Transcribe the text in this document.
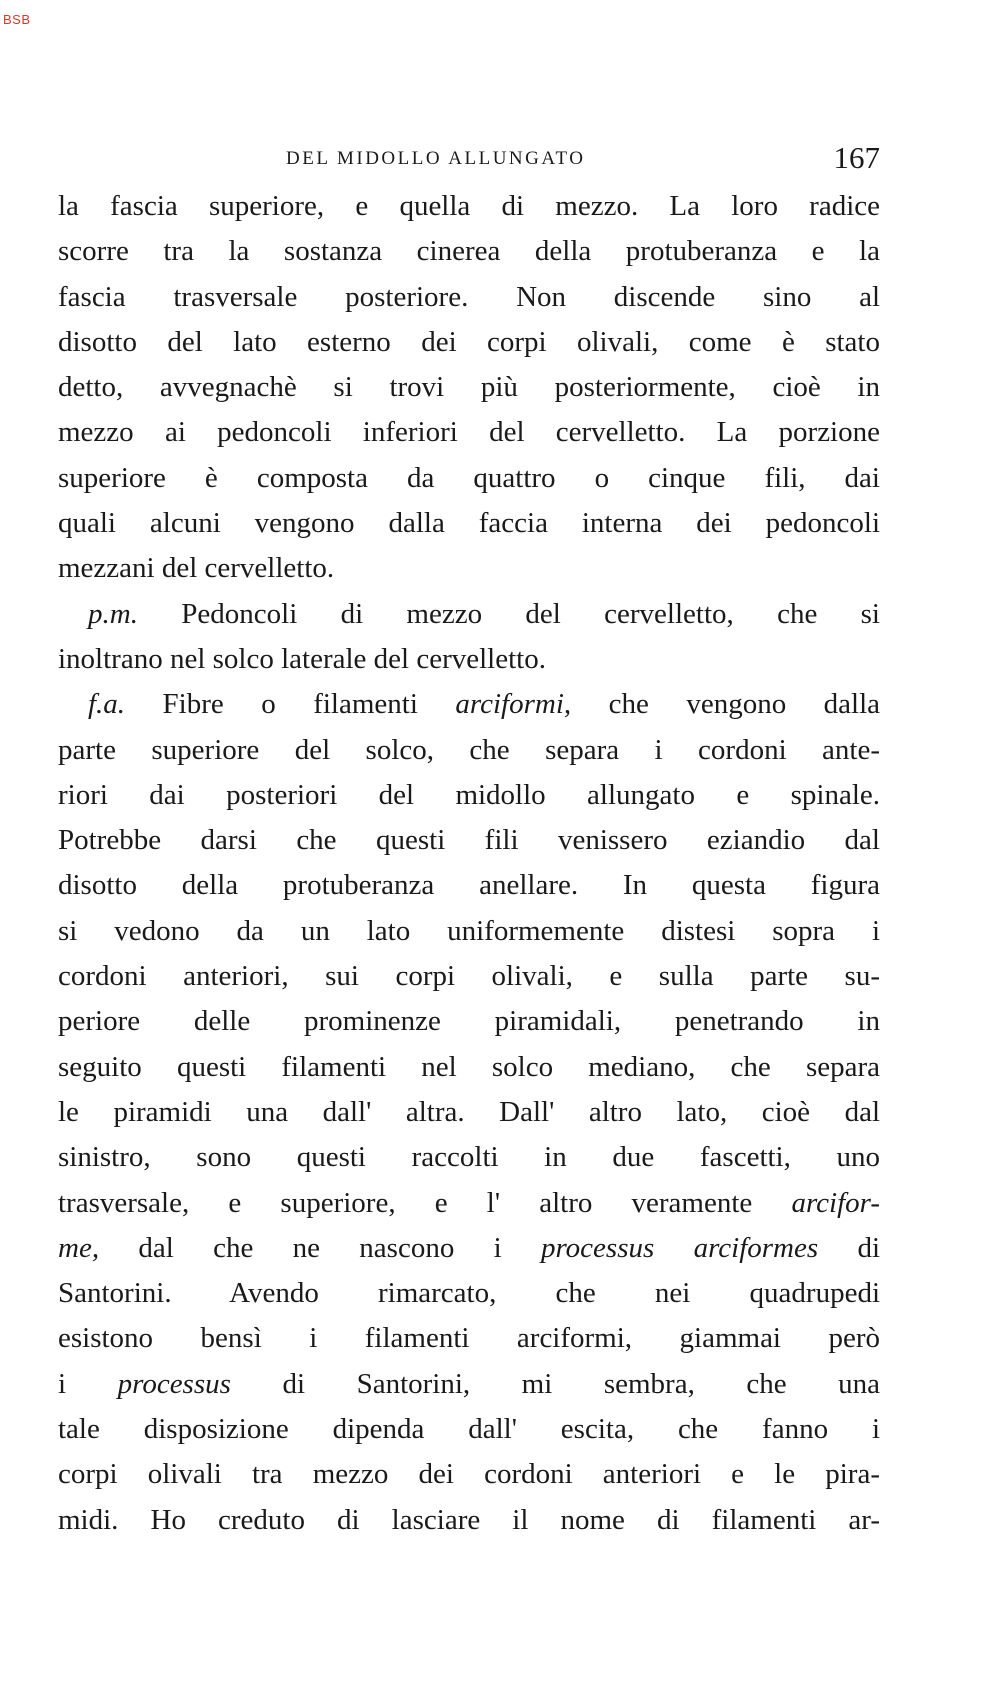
BSB
DEL MIDOLLO ALLUNGATO	167
la fascia superiore, e quella di mezzo. La loro radice
scorre tra la sostanza cinerea della protuberanza e la
fascia trasversale posteriore. Non discende sino al
disotto del lato esterno dei corpi olivali, come è stato
detto, avvegnachè si trovi più posteriormente, cioè in
mezzo ai pedoncoli inferiori del cervelletto. La porzione
superiore è composta da quattro o cinque fili, dai
quali alcuni vengono dalla faccia interna dei pedoncoli
mezzani del cervelletto.
p.m. Pedoncoli di mezzo del cervelletto, che si
inoltrano nel solco laterale del cervelletto.
f.a. Fibre o filamenti arciformi, che vengono dalla
parte superiore del solco, che separa i cordoni ante-
riori dai posteriori del midollo allungato e spinale.
Potrebbe darsi che questi fili venissero eziandio dal
disotto della protuberanza anellare. In questa figura
si vedono da un lato uniformemente distesi sopra i
cordoni anteriori, sui corpi olivali, e sulla parte su-
periore delle prominenze piramidali, penetrando in
seguito questi filamenti nel solco mediano, che separa
le piramidi una dall' altra. Dall' altro lato, cioè dal
sinistro, sono questi raccolti in due fascetti, uno
trasversale, e superiore, e l' altro veramente arcifor-
me, dal che ne nascono i processus arciformes di
Santorini. Avendo rimarcato, che nei quadrupedi
esistono bensì i filamenti arciformi, giammai però
i processus di Santorini, mi sembra, che una
tale disposizione dipenda dall' escita, che fanno i
corpi olivali tra mezzo dei cordoni anteriori e le pira-
midi. Ho creduto di lasciare il nome di filamenti ar-
